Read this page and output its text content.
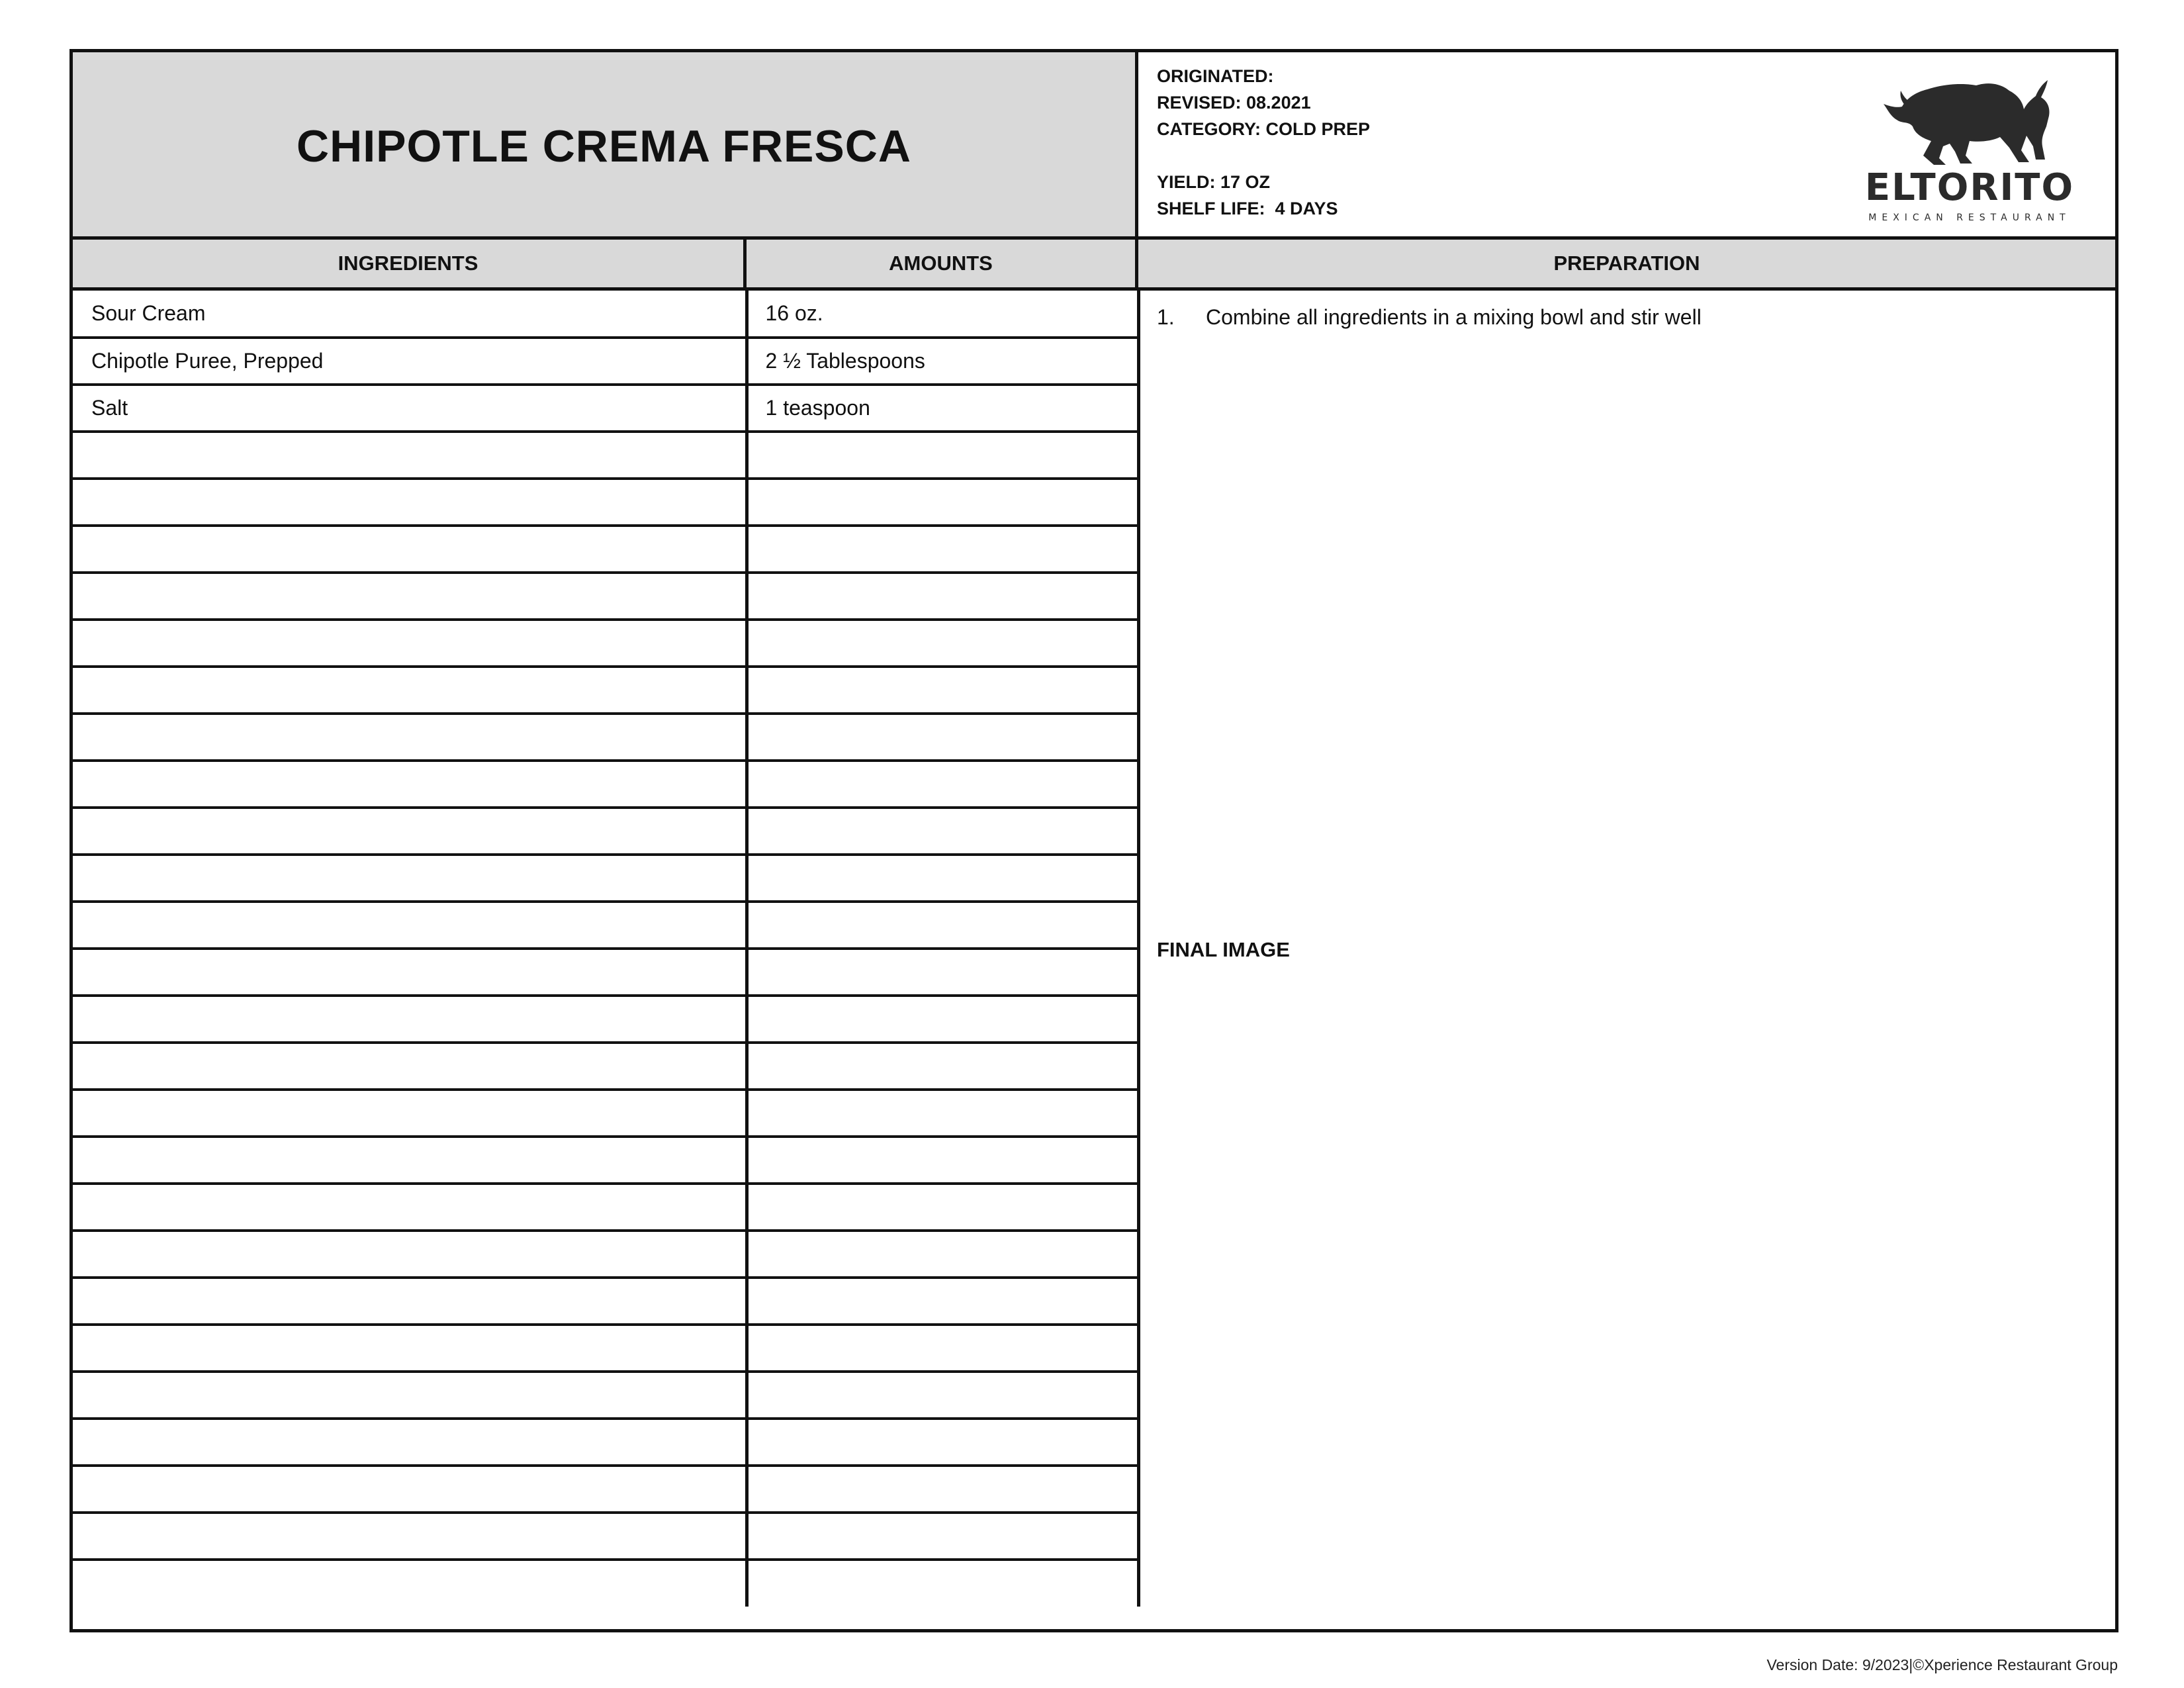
CHIPOTLE CREMA FRESCA
ORIGINATED:
REVISED: 08.2021
CATEGORY: COLD PREP
YIELD: 17 OZ
SHELF LIFE:  4 DAYS	ELTORITO
MEXICAN RESTAURANT
INGREDIENTS	AMOUNTS	PREPARATION
Sour Cream	16 oz.
Chipotle Puree, Prepped	2 ½ Tablespoons
Salt	1 teaspoon

1.	Combine all ingredients in a mixing bowl and stir well
FINAL IMAGE
Version Date: 9/2023|©Xperience Restaurant Group
